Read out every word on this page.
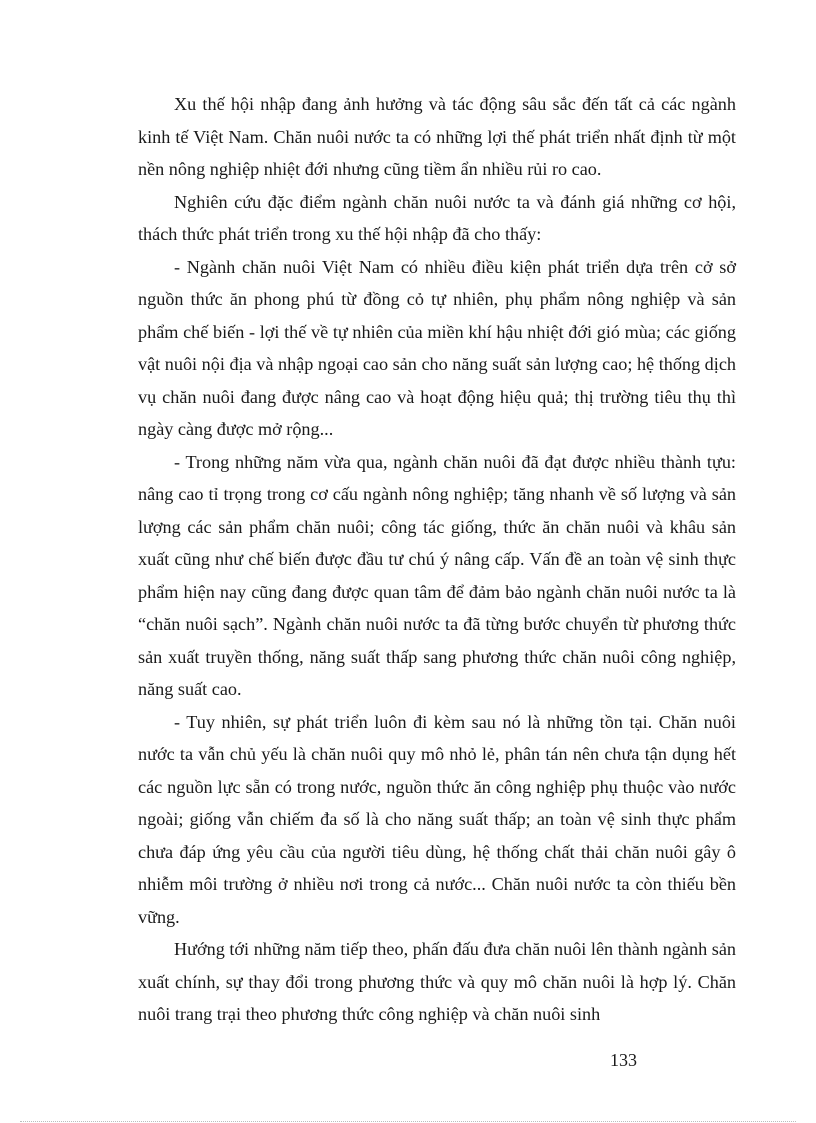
Xu thế hội nhập đang ảnh hưởng và tác động sâu sắc đến tất cả các ngành kinh tế Việt Nam. Chăn nuôi nước ta có những lợi thế phát triển nhất định từ một nền nông nghiệp nhiệt đới nhưng cũng tiềm ẩn nhiều rủi ro cao.

Nghiên cứu đặc điểm ngành chăn nuôi nước ta và đánh giá những cơ hội, thách thức phát triển trong xu thế hội nhập đã cho thấy:

- Ngành chăn nuôi Việt Nam có nhiều điều kiện phát triển dựa trên cở sở nguồn thức ăn phong phú từ đồng cỏ tự nhiên, phụ phẩm nông nghiệp và sản phẩm chế biến - lợi thế về tự nhiên của miền khí hậu nhiệt đới gió mùa; các giống vật nuôi nội địa và nhập ngoại cao sản cho năng suất sản lượng cao; hệ thống dịch vụ chăn nuôi đang được nâng cao và hoạt động hiệu quả; thị trường tiêu thụ thì ngày càng được mở rộng...

- Trong những năm vừa qua, ngành chăn nuôi đã đạt được nhiều thành tựu: nâng cao tỉ trọng trong cơ cấu ngành nông nghiệp; tăng nhanh về số lượng và sản lượng các sản phẩm chăn nuôi; công tác giống, thức ăn chăn nuôi và khâu sản xuất cũng như chế biến được đầu tư chú ý nâng cấp. Vấn đề an toàn vệ sinh thực phẩm hiện nay cũng đang được quan tâm để đảm bảo ngành chăn nuôi nước ta là “chăn nuôi sạch”. Ngành chăn nuôi nước ta đã từng bước chuyển từ phương thức sản xuất truyền thống, năng suất thấp sang phương thức chăn nuôi công nghiệp, năng suất cao.

- Tuy nhiên, sự phát triển luôn đi kèm sau nó là những tồn tại. Chăn nuôi nước ta vẫn chủ yếu là chăn nuôi quy mô nhỏ lẻ, phân tán nên chưa tận dụng hết các nguồn lực sẵn có trong nước, nguồn thức ăn công nghiệp phụ thuộc vào nước ngoài; giống vẫn chiếm đa số là cho năng suất thấp; an toàn vệ sinh thực phẩm chưa đáp ứng yêu cầu của người tiêu dùng, hệ thống chất thải chăn nuôi gây ô nhiễm môi trường ở nhiều nơi trong cả nước... Chăn nuôi nước ta còn thiếu bền vững.

Hướng tới những năm tiếp theo, phấn đấu đưa chăn nuôi lên thành ngành sản xuất chính, sự thay đổi trong phương thức và quy mô chăn nuôi là hợp lý. Chăn nuôi trang trại theo phương thức công nghiệp và chăn nuôi sinh

133
